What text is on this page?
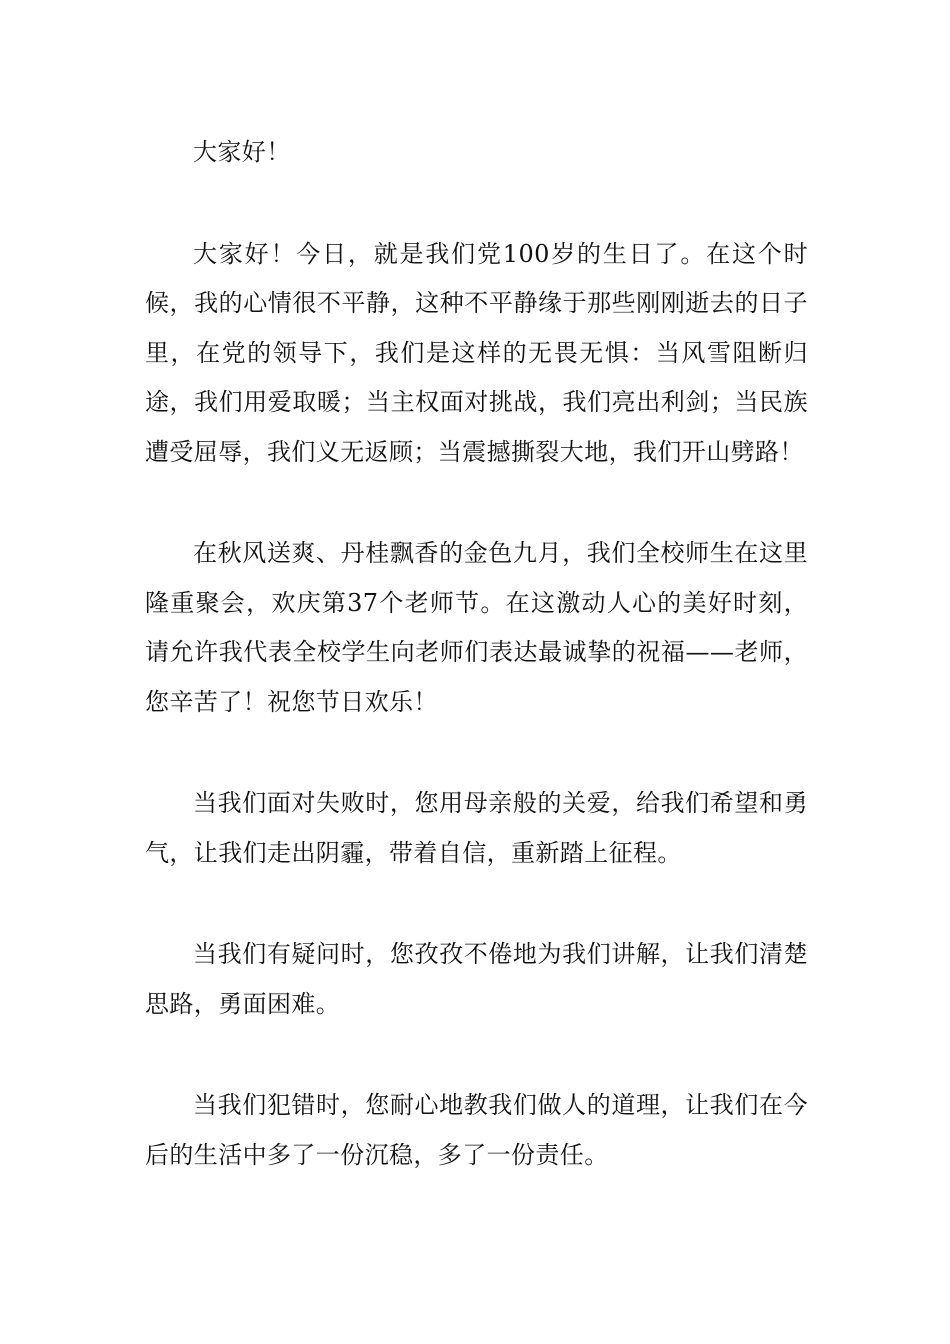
大家好！

大家好！今日，就是我们党100岁的生日了。在这个时候，我的心情很不平静，这种不平静缘于那些刚刚逝去的日子里，在党的领导下，我们是这样的无畏无惧：当风雪阻断归途，我们用爱取暖；当主权面对挑战，我们亮出利剑；当民族遭受屈辱，我们义无返顾；当震撼撕裂大地，我们开山劈路！

在秋风送爽、丹桂飘香的金色九月，我们全校师生在这里隆重聚会，欢庆第37个老师节。在这激动人心的美好时刻，请允许我代表全校学生向老师们表达最诚挚的祝福——老师，您辛苦了！祝您节日欢乐！

当我们面对失败时，您用母亲般的关爱，给我们希望和勇气，让我们走出阴霾，带着自信，重新踏上征程。

当我们有疑问时，您孜孜不倦地为我们讲解，让我们清楚思路，勇面困难。

当我们犯错时，您耐心地教我们做人的道理，让我们在今后的生活中多了一份沉稳，多了一份责任。
